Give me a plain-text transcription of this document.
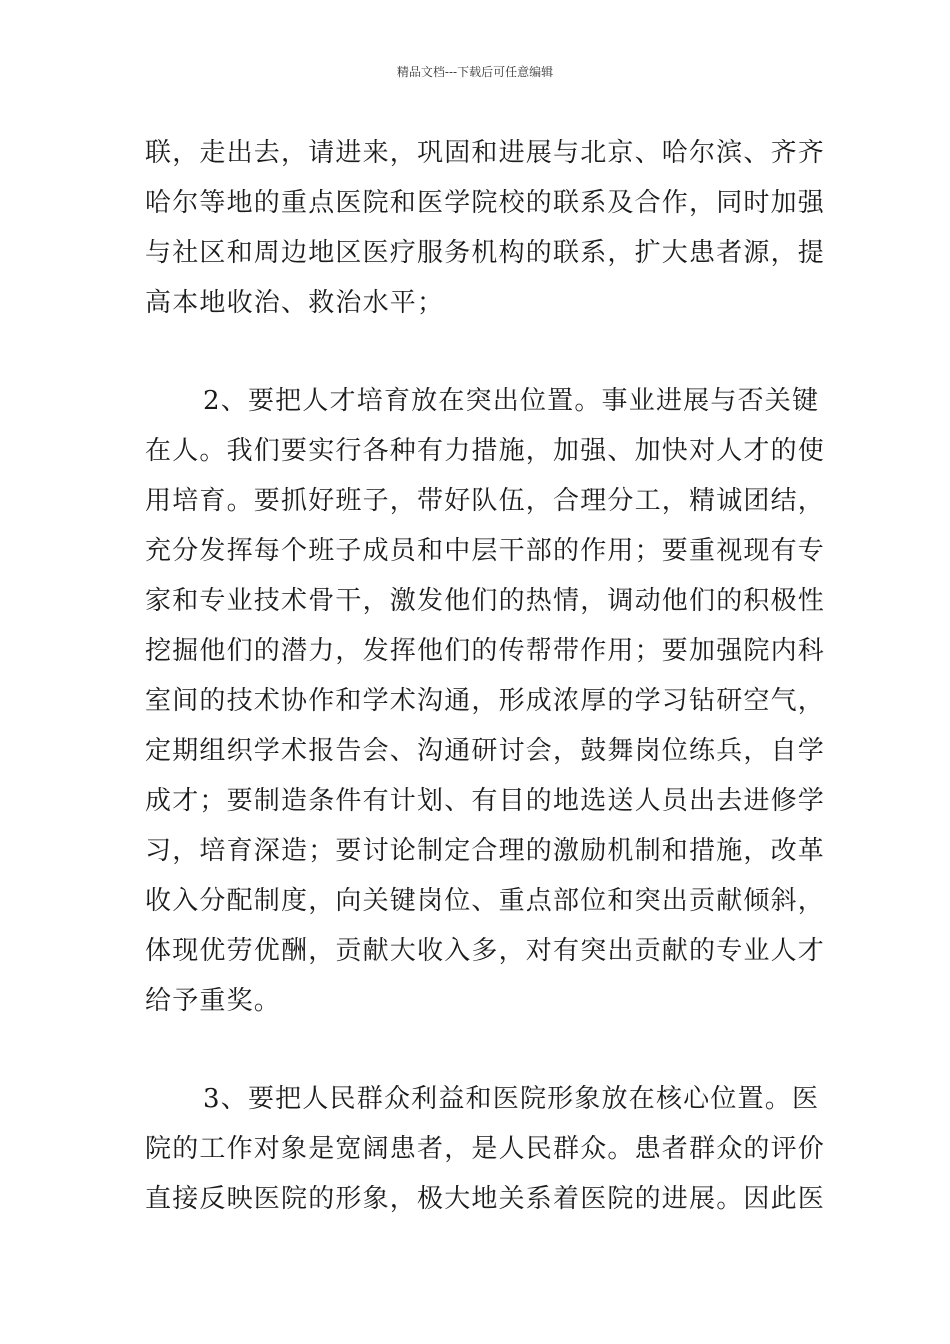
精品文档---下载后可任意编辑
联，走出去，请进来，巩固和进展与北京、哈尔滨、齐齐
哈尔等地的重点医院和医学院校的联系及合作，同时加强
与社区和周边地区医疗服务机构的联系，扩大患者源，提
高本地收治、救治水平；
2、要把人才培育放在突出位置。事业进展与否关键
在人。我们要实行各种有力措施，加强、加快对人才的使
用培育。要抓好班子，带好队伍，合理分工，精诚团结，
充分发挥每个班子成员和中层干部的作用；要重视现有专
家和专业技术骨干，激发他们的热情，调动他们的积极性
挖掘他们的潜力，发挥他们的传帮带作用；要加强院内科
室间的技术协作和学术沟通，形成浓厚的学习钻研空气，
定期组织学术报告会、沟通研讨会，鼓舞岗位练兵，自学
成才；要制造条件有计划、有目的地选送人员出去进修学
习，培育深造；要讨论制定合理的激励机制和措施，改革
收入分配制度，向关键岗位、重点部位和突出贡献倾斜，
体现优劳优酬，贡献大收入多，对有突出贡献的专业人才
给予重奖。
3、要把人民群众利益和医院形象放在核心位置。医
院的工作对象是宽阔患者，是人民群众。患者群众的评价
直接反映医院的形象，极大地关系着医院的进展。因此医
